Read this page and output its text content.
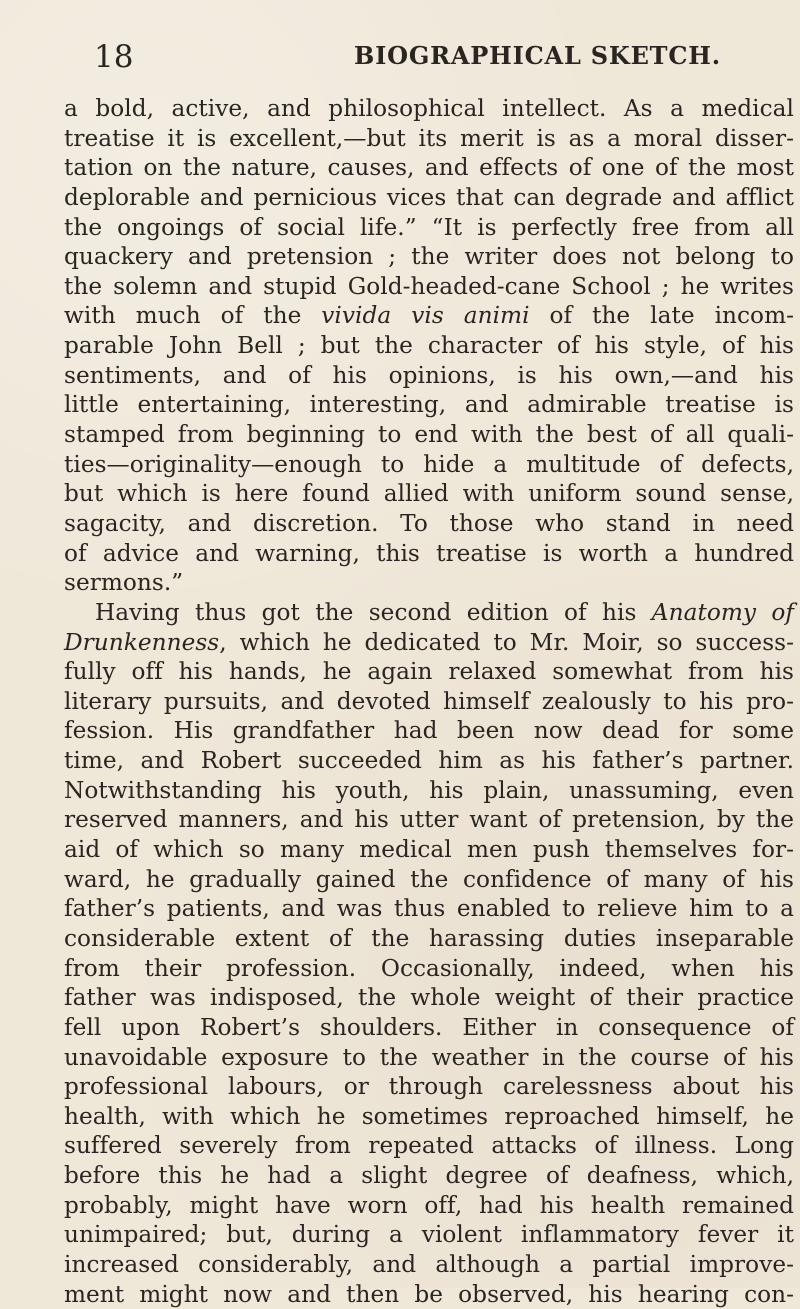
18	BIOGRAPHICAL SKETCH.
a bold, active, and philosophical intellect. As a medical
treatise it is excellent,—but its merit is as a moral disser-
tation on the nature, causes, and effects of one of the most
deplorable and pernicious vices that can degrade and afflict
the ongoings of social life.” “It is perfectly free from all
quackery and pretension ; the writer does not belong to
the solemn and stupid Gold-headed-cane School ; he writes
with much of the vivida vis animi of the late incom-
parable John Bell ; but the character of his style, of his
sentiments, and of his opinions, is his own,—and his
little entertaining, interesting, and admirable treatise is
stamped from beginning to end with the best of all quali-
ties—originality—enough to hide a multitude of defects,
but which is here found allied with uniform sound sense,
sagacity, and discretion. To those who stand in need
of advice and warning, this treatise is worth a hundred
sermons.”
Having thus got the second edition of his Anatomy of
Drunkenness, which he dedicated to Mr. Moir, so success-
fully off his hands, he again relaxed somewhat from his
literary pursuits, and devoted himself zealously to his pro-
fession. His grandfather had been now dead for some
time, and Robert succeeded him as his father’s partner.
Notwithstanding his youth, his plain, unassuming, even
reserved manners, and his utter want of pretension, by the
aid of which so many medical men push themselves for-
ward, he gradually gained the confidence of many of his
father’s patients, and was thus enabled to relieve him to a
considerable extent of the harassing duties inseparable
from their profession. Occasionally, indeed, when his
father was indisposed, the whole weight of their practice
fell upon Robert’s shoulders. Either in consequence of
unavoidable exposure to the weather in the course of his
professional labours, or through carelessness about his
health, with which he sometimes reproached himself, he
suffered severely from repeated attacks of illness. Long
before this he had a slight degree of deafness, which,
probably, might have worn off, had his health remained
unimpaired; but, during a violent inflammatory fever it
increased considerably, and although a partial improve-
ment might now and then be observed, his hearing con-
